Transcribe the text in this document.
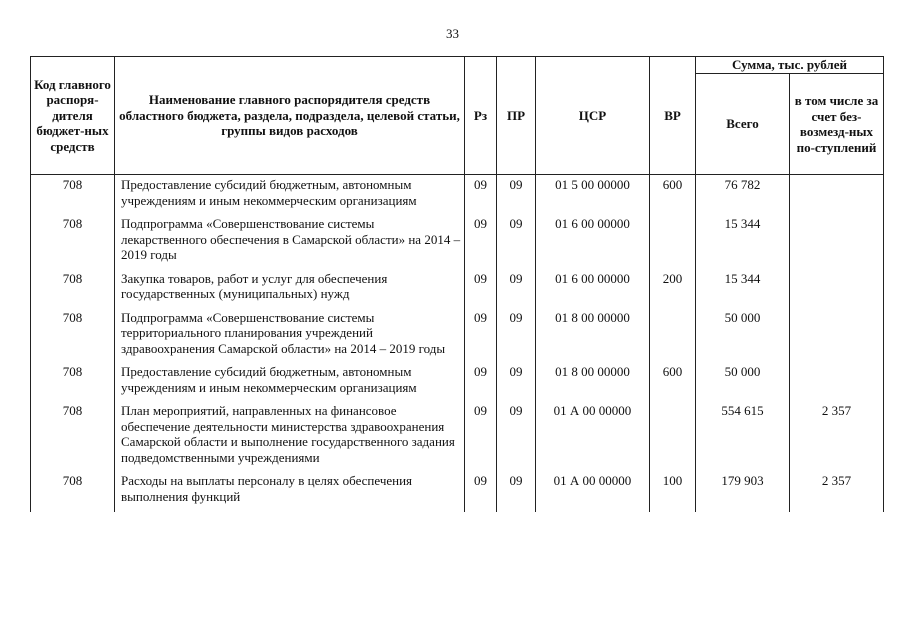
33
Код главного распоря-дителя бюджет-ных средств	Наименование главного распорядителя средств областного бюджета, раздела, подраздела, целевой статьи, группы видов расходов	Рз	ПР	ЦСР	ВР	Сумма, тыс. рублей	
						Всего	в том числе за счет без-возмезд-ных по-ступлений
708	Предоставление субсидий бюджетным, автономным учреждениям и иным некоммерческим организациям	09	09	01 5 00 00000	600	76 782	
708	Подпрограмма «Совершенствование системы лекарственного обеспечения в Самарской области» на 2014 – 2019 годы	09	09	01 6 00 00000		15 344	
708	Закупка товаров, работ и услуг для обеспечения государственных (муниципальных) нужд	09	09	01 6 00 00000	200	15 344	
708	Подпрограмма «Совершенствование системы территориального планирования учреждений здравоохранения Самарской области» на 2014 – 2019 годы	09	09	01 8 00 00000		50 000	
708	Предоставление субсидий бюджетным, автономным учреждениям и иным некоммерческим организациям	09	09	01 8 00 00000	600	50 000	
708	План мероприятий, направленных на финансовое обеспечение деятельности министерства здравоохранения Самарской области и выполнение государственного задания подведомственными учреждениями	09	09	01 А 00 00000		554 615	2 357
708	Расходы на выплаты персоналу в целях обеспечения выполнения функций	09	09	01 А 00 00000	100	179 903	2 357
